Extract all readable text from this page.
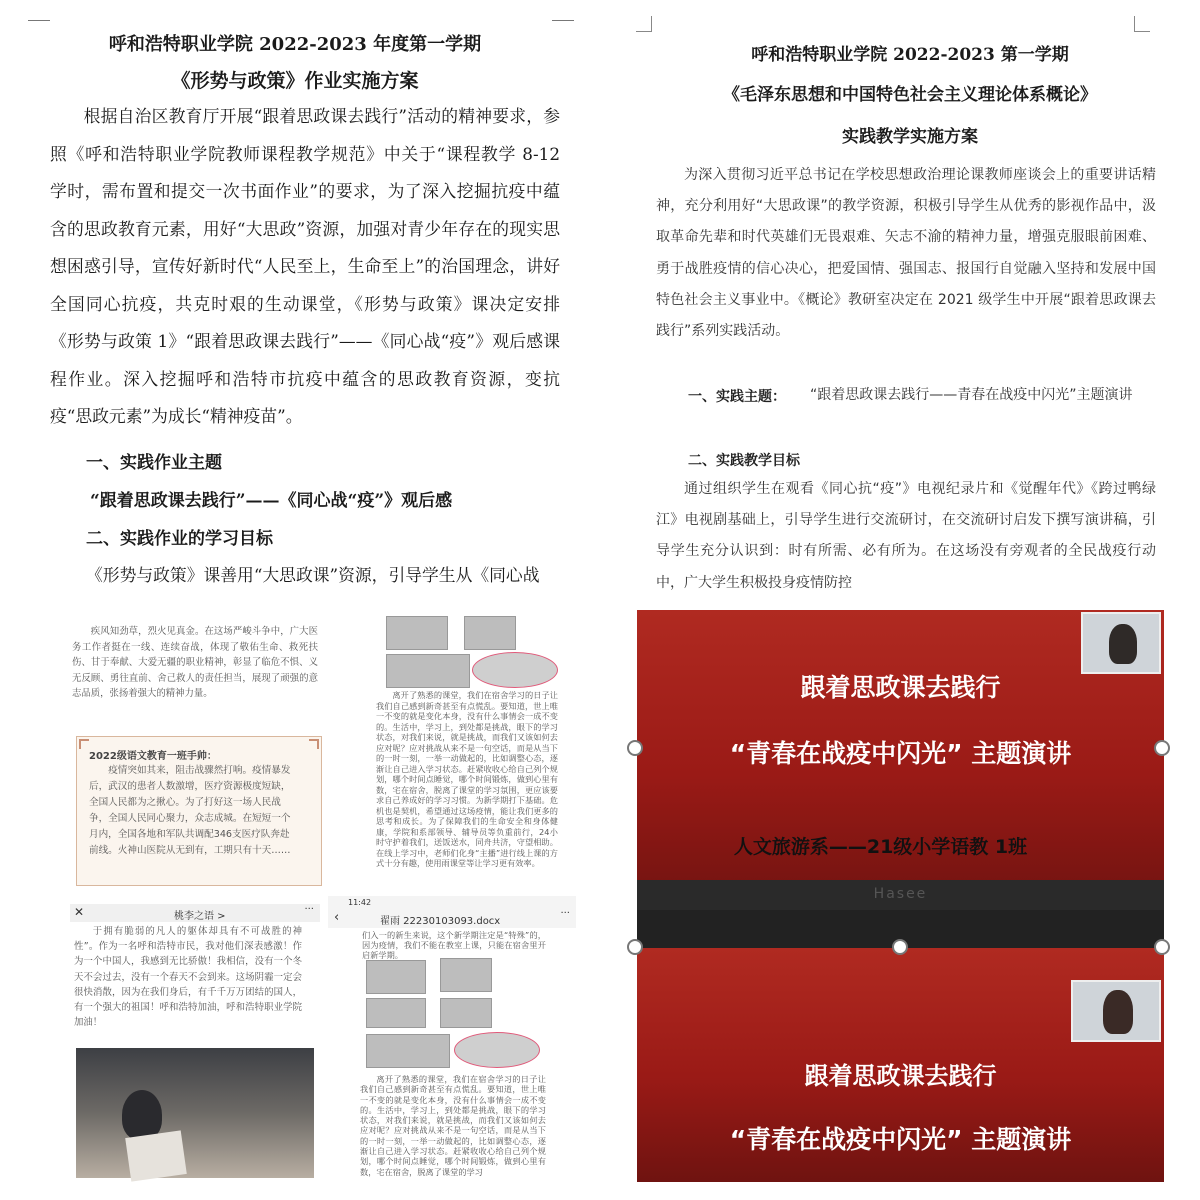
呼和浩特职业学院 2022-2023 年度第一学期
《形势与政策》作业实施方案
根据自治区教育厅开展“跟着思政课去践行”活动的精神要求，参照《呼和浩特职业学院教师课程教学规范》中关于“课程教学 8-12 学时，需布置和提交一次书面作业”的要求，为了深入挖掘抗疫中蕴含的思政教育元素，用好“大思政”资源，加强对青少年存在的现实思想困惑引导，宣传好新时代“人民至上，生命至上”的治国理念，讲好全国同心抗疫，共克时艰的生动课堂，《形势与政策》课决定安排《形势与政策 1》“跟着思政课去践行”——《同心战“疫”》观后感课程作业。深入挖掘呼和浩特市抗疫中蕴含的思政教育资源，变抗疫“思政元素”为成长“精神疫苗”。
一、实践作业主题
“跟着思政课去践行”——《同心战“疫”》观后感
二、实践作业的学习目标
《形势与政策》课善用“大思政课”资源，引导学生从《同心战
呼和浩特职业学院 2022-2023 第一学期
《毛泽东思想和中国特色社会主义理论体系概论》
实践教学实施方案
为深入贯彻习近平总书记在学校思想政治理论课教师座谈会上的重要讲话精神，充分利用好“大思政课”的教学资源，积极引导学生从优秀的影视作品中，汲取革命先辈和时代英雄们无畏艰难、矢志不渝的精神力量，增强克服眼前困难、勇于战胜疫情的信心决心，把爱国情、强国志、报国行自觉融入坚持和发展中国特色社会主义事业中。《概论》教研室决定在 2021 级学生中开展“跟着思政课去践行”系列实践活动。
一、实践主题：	“跟着思政课去践行——青春在战疫中闪光”主题演讲
二、实践教学目标
通过组织学生在观看《同心抗“疫”》电视纪录片和《觉醒年代》《跨过鸭绿江》电视剧基础上，引导学生进行交流研讨，在交流研讨启发下撰写演讲稿，引导学生充分认识到：时有所需、必有所为。在这场没有旁观者的全民战疫行动中，广大学生积极投身疫情防控
疾风知劲草，烈火见真金。在这场严峻斗争中，广大医务工作者挺在一线、连续奋战，体现了敬佑生命、救死扶伤、甘于奉献、大爱无疆的职业精神，彰显了临危不惧、义无反顾、勇往直前、舍己救人的责任担当，展现了顽强的意志品质，张扬着强大的精神力量。
2022级语文教育一班手帅：
疫情突如其来，阻击战骤然打响。疫情暴发后，武汉的患者人数激增，医疗资源极度短缺，全国人民都为之揪心。为了打好这一场人民战争，全国人民同心聚力，众志成城。在短短一个月内，全国各地和军队共调配346支医疗队奔赴前线。火神山医院从无到有，工期只有十天……
离开了熟悉的课堂，我们在宿舍学习的日子让我们自己感到新奇甚至有点慌乱。要知道，世上唯一不变的就是变化本身，没有什么事情会一成不变的。生活中，学习上，到处都是挑战，眼下的学习状态，对我们来说，就是挑战，而我们又该如何去应对呢？应对挑战从来不是一句空话，而是从当下的一时一刻，一举一动做起的，比如调整心态，逐渐让自己进入学习状态。赶紧收收心给自己列个规划，哪个时间点睡觉，哪个时间锻炼，做到心里有数，宅在宿舍，脱离了课堂的学习氛围，更应该要求自己养成好的学习习惯。为新学期打下基础。危机也是契机，希望通过这场疫情，能让我们更多的思考和成长。为了保障我们的生命安全和身体健康，学院和系部领导、辅导员等负重前行，24小时守护着我们，送饭送水，同舟共济，守望相助。在线上学习中，老师们化身“主播”进行线上课的方式十分有趣，使用雨课堂等让学习更有效率。
✕	桃李之语 >
···
于拥有脆弱的凡人的躯体却具有不可战胜的神性”。作为一名呼和浩特市民，我对他们深表感激！作为一个中国人，我感到无比骄傲！我相信，没有一个冬天不会过去，没有一个春天不会到来。这场阴霾一定会很快消散，因为在我们身后，有千千万万团结的国人，有一个强大的祖国！呼和浩特加油，呼和浩特职业学院加油！
11:42
‹	翟雨 22230103093.docx
···
们入一的新生来说，这个新学期注定是“特殊”的，因为疫情，我们不能在教室上课，只能在宿舍里开启新学期。
离开了熟悉的课堂，我们在宿舍学习的日子让我们自己感到新奇甚至有点慌乱。要知道，世上唯一不变的就是变化本身，没有什么事情会一成不变的。生活中，学习上，到处都是挑战，眼下的学习状态，对我们来说，就是挑战，而我们又该如何去应对呢？应对挑战从来不是一句空话，而是从当下的一时一刻，一举一动做起的，比如调整心态，逐渐让自己进入学习状态。赶紧收收心给自己列个规划，哪个时间点睡觉，哪个时间锻炼，做到心里有数，宅在宿舍，脱离了课堂的学习
跟着思政课去践行
“青春在战疫中闪光” 主题演讲
人文旅游系——21级小学语教 1班
Hasee
跟着思政课去践行
“青春在战疫中闪光” 主题演讲
